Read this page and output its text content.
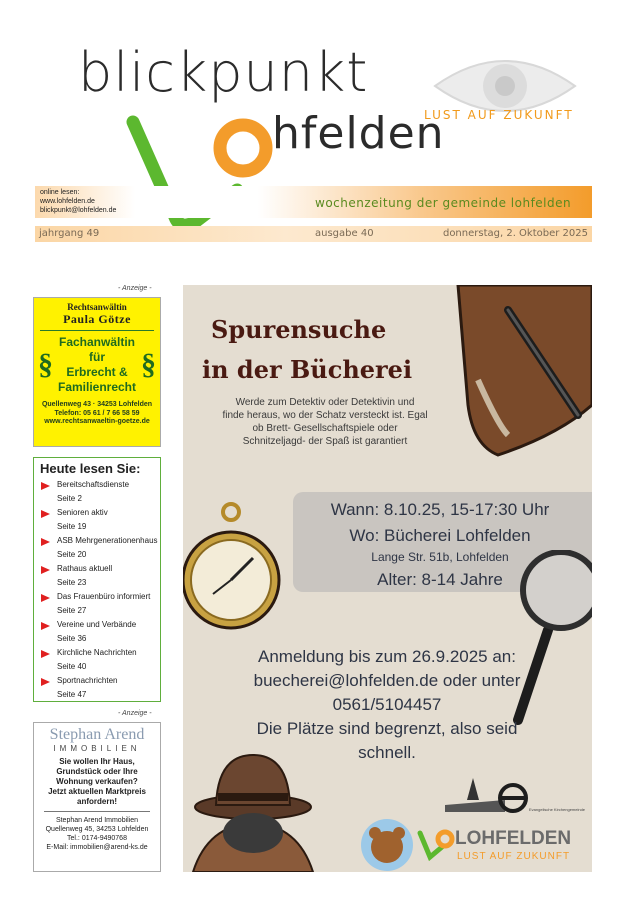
blickpunkt
LUST AUF ZUKUNFT
hfelden
online lesen:
www.lohfelden.de
blickpunkt@lohfelden.de
wochenzeitung der gemeinde lohfelden
jahrgang 49	ausgabe 40	donnerstag, 2. Oktober 2025
- Anzeige -
Rechtsanwältin
Paula Götze
§	§
Fachanwältin
für
Erbrecht &
Familienrecht
Quellenweg 43 · 34253 Lohfelden
Telefon: 05 61 / 7 66 58 59
www.rechtsanwaeltin-goetze.de
Heute lesen Sie:
Bereitschaftsdienste
Seite 2
Senioren aktiv
Seite 19
ASB Mehrgenerationenhaus
Seite 20
Rathaus aktuell
Seite 23
Das Frauenbüro informiert
Seite 27
Vereine und Verbände
Seite 36
Kirchliche Nachrichten
Seite 40
Sportnachrichten
Seite 47
- Anzeige -
Stephan Arend
IMMOBILIEN
Sie wollen Ihr Haus,
Grundstück oder Ihre
Wohnung verkaufen?
Jetzt aktuellen Marktpreis
anfordern!
Stephan Arend Immobilien
Quellenweg 45, 34253 Lohfelden
Tel.: 0174-9490768
E-Mail: immobilien@arend-ks.de
Spurensuche
in der Bücherei
Werde zum Detektiv oder Detektivin und
finde heraus, wo der Schatz versteckt ist. Egal
ob Brett- Gesellschaftspiele oder
Schnitzeljagd- der Spaß ist garantiert
Wann: 8.10.25, 15-17:30 Uhr
Wo: Bücherei Lohfelden
Lange Str. 51b, Lohfelden
Alter: 8-14 Jahre
Anmeldung bis zum 26.9.2025 an:
buecherei@lohfelden.de oder unter
0561/5104457
Die Plätze sind begrenzt, also seid
schnell.
Evangelische Kirchengemeinde
LOHFELDEN
LUST AUF ZUKUNFT
